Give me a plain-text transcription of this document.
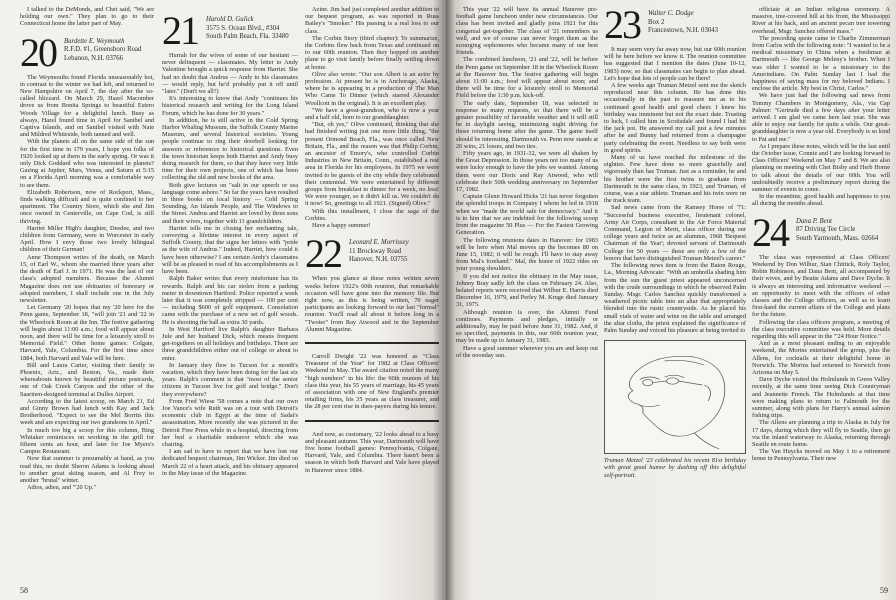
I talked to the DeMonds, and Chet said, "We are holding our own." They plan to go to their Connecticut home the latter part of May.

20 Burdette E. Weymouth
R.F.D. #1, Greensboro Road
Lebanon, N.H. 03766

The Weymouths found Florida unseasonably hot, in contrast to the winter we had left, and returned to New Hampshire on April 7, the day after the so-called blizzard. On March 29, Hazel Macomber drove us from Bonita Springs to beautiful Estero Woods Village for a delightful lunch. Busy as always, Hazel found time in April for Sanibel and Captiva Islands, and on Sanibel visited with Nate and Mildred Whiteside, both tanned and well.

With the planets all on the same side of the sun for the first time in 179 years, I hope you folks of 1920 looked up at them in the early spring. Or was it only Dick Goddard who was interested in planets? Gazing at Jupiter, Mars, Venus, and Saturn at 5:15 on a Florida April morning was a comfortable way to see them.

Elizabeth Robertson, now of Rockport, Mass., finds walking difficult and is quite confined to her apartment. The Country Store, which she and Jim once owned in Centerville, on Cape Cod, is still thriving.

Harriet Miller High's daughter, Deedee, and two children from Germany, were in Worcester in early April. How I envy those two lovely bilingual children of their German!

Anne Thompson writes of the death, on March 15, of Earl W., whom she married three years after the death of Earl J. in 1971. He was the last of our class's adopted members. Because the Alumni Magazine does not use obituaries of honorary or adopted members, I shall include one in the July newsletter.

Let Germany '20 hopes that my '20 here for the Penn game, September 18, "will join '21 and '22 in the Wheelock Room at the Inn. The festive gathering will begin about 11:00 a.m.; food will appear about noon, and there will be time for a leisurely stroll to Memorial Field." Other home games: Colgate, Harvard, Yale, Columbia. For the first time since 1884, both Harvard and Yale will be here.

Bill and Laura Carter, visiting their family in Phoenix, Ariz., and Reston, Va., made their whereabouts known by beautiful picture postcards, one of Oak Creek Canyon and the other of the Saarinen-designed terminal at Dulles Airport.

According to the latest scoop, on March 21, Ed and Ginny Brown had lunch with Kay and Jack Brotherhood. "Expect to see the Mel Borrits this week and are expecting our two grandsons in April."

In much too big a scoop for this column, Bing Whitaker reminisces on working in the grill for fifteen cents an hour, and later for Joe Myers's Campus Restaurant.

Now that summer is presumably at hand, as you read this, no doubt Sheron Adams is looking ahead to another great skiing season, and Al Frey to another "brutal" winter.

Adios, adieu, and "'20 Up."

21 Harold D. Gulick
3575 S. Ocean Blvd., #304
South Palm Beach, Fla. 33480

Hurrah for the wives of some of our hesitant — never delinquent — classmates. My letter to Andy Valentine brought a quick response from Harriet. She had no doubt that Andrus — Andy to his classmates — would reply, but he'd probably put it off until "later." (Don't we all?)

It's interesting to know that Andy "continues his historical research and writing for the Long Island Forum, which he has done for 30 years."

In addition, he is still active in the Cold Spring Harbor Whaling Museum, the Suffolk County Marine Museum, and several historical societies. Young people continue to ring their doorbell looking for answers or references to historical questions. Even the town historian keeps both Harriet and Andy busy doing research for them, so that they have very little time for their own projects, one of which has been collecting the old and new books of the area.

Both give lectures on "salt in our speech or sea language come ashore." So far the years have resulted in three books on local history — Cold Spring Sounding, An Islands People, and The Windows to the Street. Andrus and Harriet are loved by three sons and their wives, together with 11 grandchildren.

Harriet tells me in closing her enchanting tale, conveying a lifetime interest in every aspect of Suffolk County, that the signs her letters with "pride as the wife of Andrus." Indeed, Harriet, how could it have been otherwise? I am certain Andy's classmates will be as pleased to read of his accomplishments as I have been.

Ralph Baker writes that every misfortune has its rewards. Ralph and his car stolen from a parking meter in downtown Hartford. Police reported a week later that it was completely stripped — 100 per cent — including $600 of golf equipment. Consolation came with the purchase of a new set of golf woods. He is shooting the ball as extra 30 yards.

In West Hartford live Ralph's daughter Barbara Jule and her husband Dick, which means frequent get-togethers on all holidays and birthdays. There are three grandchildren either out of college or about to enter.

In January they flew to Tucson for a month's vacation, which they have been doing for the last six years. Ralph's comment is that "most of the senior citizens in Tucson live for golf and bridge." Don't they everywhere?

From Fred Wiese '58 comes a note that our own Joe Vance's wife Ruth was on a tour with Detroit's economic club in Egypt at the time of Sadat's assassination. More recently she was pictured in the Detroit Free Press while in a hospital, directing from her bed a charitable endeavor which she was chairing.

I am sad to have to report that we have lost our dedicated bequest chairman, Jim Wicker. Jim died on March 22 of a heart attack, and his obituary appeared in the May issue of the Magazine.

Azine. Jim had just completed another addition to our bequest program, as was reported in Russ Bailey's "Smoker." His passing is a real loss to our class.

The Corbin Story (third chapter): To summarize, the Corbins flew back from Texas and continued on to our 60th reunion. Then they hopped on another plane to go visit family before finally settling down at home.

Olive also wrote: "Our son Albert is an actor by profession. At present he is in Anchorage, Alaska, where he is appearing in a production of The Man Who Came To Dinner (which starred Alexander Woollcott in the original). It is an excellent play.

"We have a great-grandson, who is now a year and a half old, born to our granddaughter.

"But, oh yes," Olive continued, thinking that she had finished writing just one more little thing, "the present Ormond Beach, Fla., was once called New Britain, Fla., and the reason was that Philip Corbin, an ancestor of Emory's, who controlled Corbin Industries in New Britain, Conn., established a rest area in Florida for his employees. In 1975 we were invited to be guests of the city while they celebrated their centennial. We were entertained by different groups from breakfast to dinner for a week, no less! We were younger, so it didn't kill us. We couldn't do it now! So, greetings to all 1921. (Signed) Olive."

With this installment, I close the saga of the Corbins.

Have a happy summer!

22 Leonard E. Morrissey
11 Brockway Road
Hanover, N.H. 03755

When you glance at these notes written seven weeks before 1922's 60th reunion, that remarkable occasion will have gone into the memory file. But right now, as this is being written, 70 eager participants are looking forward to our last "formal" reunion. You'll read all about it before long in a "Twoter" from Ray Atwood and in the September Alumni Magazine.

Carroll Dwight '22 was honored as "Class Treasurer of the Year" for 1982 at Class Officers' Weekend in May. The award citation noted the many "high numbers" in his life: the 60th reunion of his class this year, his 55 years of marriage, his 45 years of association with one of New England's premier retailing firms, his 35 years as class treasurer, and the 28 per cent rise in dues-payers during his tenure.

And now, as customary, '22 looks ahead to a busy and pleasant autumn. This year, Dartmouth will have five home football games: Pennsylvania, Colgate, Harvard, Yale, and Columbia. There hasn't been a season in which both Harvard and Yale have played in Hanover since 1884.

58

This year '22 will have its annual Hanover pre-football game luncheon under new circumstances. Our class has been invited and gladly joins 1921 for this congenial get-together. The class of '21 remembers us well, and we of course can never forget them as the scourging sophomores who became many of our best friends.

The combined luncheon, '21 and '22, will be before the Penn game on September 18 in the Wheelock Room at the Hanover Inn. The festive gathering will begin about 11:00 a.m.; food will appear about noon; and there will be time for a leisurely stroll to Memorial Field before the 1:30 p.m. kick-off.

The early date, September 18, was selected in response to many requests, so that there will be a greater possibility of favorable weather and it will still be in daylight saving, minimizing night driving for those returning home after the game. The game itself should be interesting. Dartmouth vs. Penn now stands at 26 wins, 21 losses, and two ties.

Fifty years ago, in 1931-32, we were all shaken by the Great Depression. In those years not too many of us were lucky enough to have the jobs we wanted. Among them were our Doris and Ray Atwood, who will celebrate their 50th wedding anniversary on September 17, 1982.

Captain Glenn Howard Hicks '21 has never forgotten the splendid troops in Company I whom he led in 1918 when we "made the world safe for democracy." And it is to him that we are indebted for the following scoop from the magazine 50 Plus — For the Fastest Growing Generation.

The following reunions dates in Hanover: for 1983 will be here when Mal moves up the becomes 80 on June 15, 1982; it will be rough. I'll have to stay away from Mal's forehand." Mal, the honor of 1922 rides on your young shoulders.

If you did not notice the obituary in the May issue, Johnny Bray sadly left the class on February 24. Also, belated reports were received that Wilbur E. Harris died December 16, 1979, and Perley M. Kruge died January 31, 1975.

Although reunion is over, the Alumni Fund continues. Payments and pledges, initially or additionally, may be paid before June 31, 1982. And, if so specified, payments in this, our 60th reunion year, may be made up to January 31, 1983.

Have a good summer wherever you are and keep out of the noonday sun.

23 Walter C. Dodge
Box 2
Francestown, N.H. 03043

It may seem very far away now, but our 60th reunion will be here before we know it. The reunion committee has suggested that I mention the dates (June 10-12, 1983) now, so that classmates can begin to plan ahead. Let's hope that lots of people can be there!

A few weeks ago Truman Metzel sent me the sketch reproduced near this column. He has done this occasionally in the past to reassure me as to his continued good health and good cheer. I knew his birthday was imminent but not the exact date. Trusting to luck, I called him in Scottsdale and found I had hit the jack pot. He answered my call just a few minutes after he and Bunny had returned from a champagne party celebrating the event. Needless to say both were in good spirits.

Many of us have reached the milestone of the eighties. Few have done so more gracefully and vigorously than has Truman. Just as a reminder, he and his brother were the first twins to graduate from Dartmouth in the same class, in 1923, and Truman, of course, was a star athlete. Truman and his twin were on the track team.

Sad news came from the Ramsey Horse of '71: "Successful business executive, lieutenant colonel, Army Air Corps, consultant to the Air Force Material Command, Legion of Merit, class officer during our college years and twice as an alumnus, 1968 'Bequest Chairman of the Year'; devoted servant of Dartmouth College for 50 years — these are only a few of the honors that have distinguished Truman Metzel's career."

The following news item is from the Baton Rouge, La., Morning Advocate: "With an umbrella shading him from the sun the guest priest appeared unconcerned with the crude surroundings in which he observed Palm Sunday. Msgr. Carlos Sanchez quickly transformed a weathered picnic table into an altar that appropriately blended into the rustic countryside. As he placed his small vials of water and wine on the table and arranged the altar cloths, the priest explained the significance of Palm Sunday and voiced his pleasure at being invited to

Truman Metzel '23 celebrated his recent 81st birthday with great good humor by dashing off this delightful self-portrait.

officiate at an Indian religious ceremony. A massive, tree-covered hill at his front, the Mississippi River at his back, and an ancient pecan tree towering overhead, Msgr. Sanchez offered mass."

The preceding quote came to Charlie Zimmerman from Carlos with the following note: "I wanted to be a medical missionary in China when a freshman at Dartmouth — like George Meleny's brother. When I was older I wanted to be a missionary to the Amerindians. On Palm Sunday last I had the happiness of saying mass for my beloved Indians. I enclose the article. My best in Christ, Carlos."

We have just had the following sad news from Tommy Chambers in Montgomery, Ala., via Cap Palmer: "Gertrude died a few days after your letter arrived. I am glad we came here last year. She was able to enjoy our family for quite a while. Our great-granddaughter is now a year old. Everybody is so kind to Pat and me."

As I prepare these notes, which will be the last until the October issue, Connie and I are looking forward to Class Officers' Weekend on May 7 and 8. We are also planning on meeting with Chet Bisby and Herb Horne to talk about the details of our 60th. You will undoubtedly receive a preliminary report during the summer of events to come.

In the meantime, good health and happiness to you all during the months ahead.

24 Dana P. Bent
87 Driving Tee Circle
South Yarmouth, Mass. 02664

The class was represented at Class Officers' Weekend by Don Wilbur, Stan Chittick, Roly Taylor, Robin Robinson, and Dana Bent, all accompanied by their wives, and by Beatie Adams and Dave Dyche. It is always an interesting and informative weekend — an opportunity to meet with the officers of other classes and the College officers, as well as to learn first-hand the current affairs of the College and plans for the future.

Following the class officers program, a meeting of the class executive committee was held. More details regarding this will appear in the "'24 Hour Notice."

And as a most pleasant ending to an enjoyable weekend, the Morins entertained the group, plus the Allens, for cocktails at their delightful home in Norwich. The Morins had returned to Norwich from Arizona on May 5.

Dave Dyche visited the Holmlunds in Green Valley recently, at the same time seeing Dick Countryman and Jeannette French. The Holmlunds at that time were making plans to return to Falmouth for the summer, along with plans for Harry's annual salmon fishing trips.

The Allens are planning a trip to Alaska in July for 17 days, during which they will fly to Seattle, then go via the inland waterway to Alaska, returning through Seattle en route home.

The Van Huycks moved on May 1 to a retirement home in Pennsylvania. Their new

59
